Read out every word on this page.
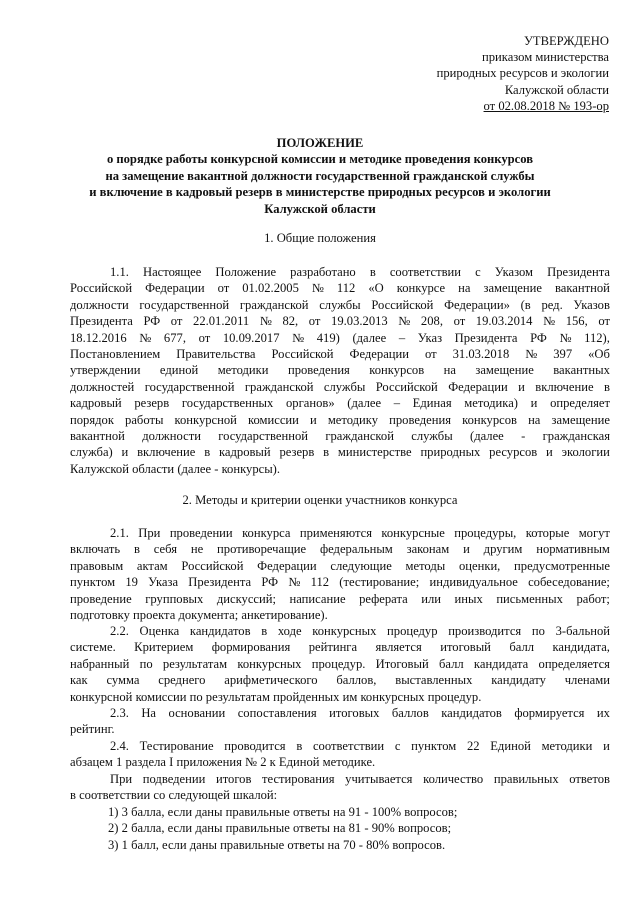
УТВЕРЖДЕНО
приказом министерства
природных ресурсов и экологии
Калужской области
от 02.08.2018 № 193-ор
ПОЛОЖЕНИЕ
о порядке работы конкурсной комиссии и методике проведения конкурсов
на замещение вакантной должности государственной гражданской службы
и включение в кадровый резерв в министерстве природных ресурсов и экологии
Калужской области
1. Общие положения
1.1. Настоящее Положение разработано в соответствии с Указом Президента
Российской Федерации от 01.02.2005 № 112 «О конкурсе на замещение вакантной
должности государственной гражданской службы Российской Федерации» (в ред. Указов
Президента РФ от 22.01.2011 № 82, от 19.03.2013 № 208, от 19.03.2014 № 156, от
18.12.2016 № 677, от 10.09.2017 № 419) (далее – Указ Президента РФ № 112),
Постановлением Правительства Российской Федерации от 31.03.2018 № 397 «Об
утверждении единой методики проведения конкурсов на замещение вакантных
должностей государственной гражданской службы Российской Федерации и включение в
кадровый резерв государственных органов» (далее – Единая методика) и определяет
порядок работы конкурсной комиссии и методику проведения конкурсов на замещение
вакантной должности государственной гражданской службы (далее - гражданская
служба) и включение в кадровый резерв в министерстве природных ресурсов и экологии
Калужской области (далее - конкурсы).
2. Методы и критерии оценки участников конкурса
2.1. При проведении конкурса применяются конкурсные процедуры, которые могут
включать в себя не противоречащие федеральным законам и другим нормативным
правовым актам Российской Федерации следующие методы оценки, предусмотренные
пунктом 19 Указа Президента РФ № 112 (тестирование; индивидуальное собеседование;
проведение групповых дискуссий; написание реферата или иных письменных работ;
подготовку проекта документа; анкетирование).
2.2. Оценка кандидатов в ходе конкурсных процедур производится по 3-бальной
системе. Критерием формирования рейтинга является итоговый балл кандидата,
набранный по результатам конкурсных процедур. Итоговый балл кандидата определяется
как сумма среднего арифметического баллов, выставленных кандидату членами
конкурсной комиссии по результатам пройденных им конкурсных процедур.
2.3. На основании сопоставления итоговых баллов кандидатов формируется их
рейтинг.
2.4. Тестирование проводится в соответствии с пунктом 22 Единой методики и
абзацем 1 раздела I приложения № 2 к Единой методике.
При подведении итогов тестирования учитывается количество правильных ответов
в соответствии со следующей шкалой:
1) 3 балла, если даны правильные ответы на 91 - 100% вопросов;
2) 2 балла, если даны правильные ответы на 81 - 90% вопросов;
3) 1 балл, если даны правильные ответы на 70 - 80% вопросов.
